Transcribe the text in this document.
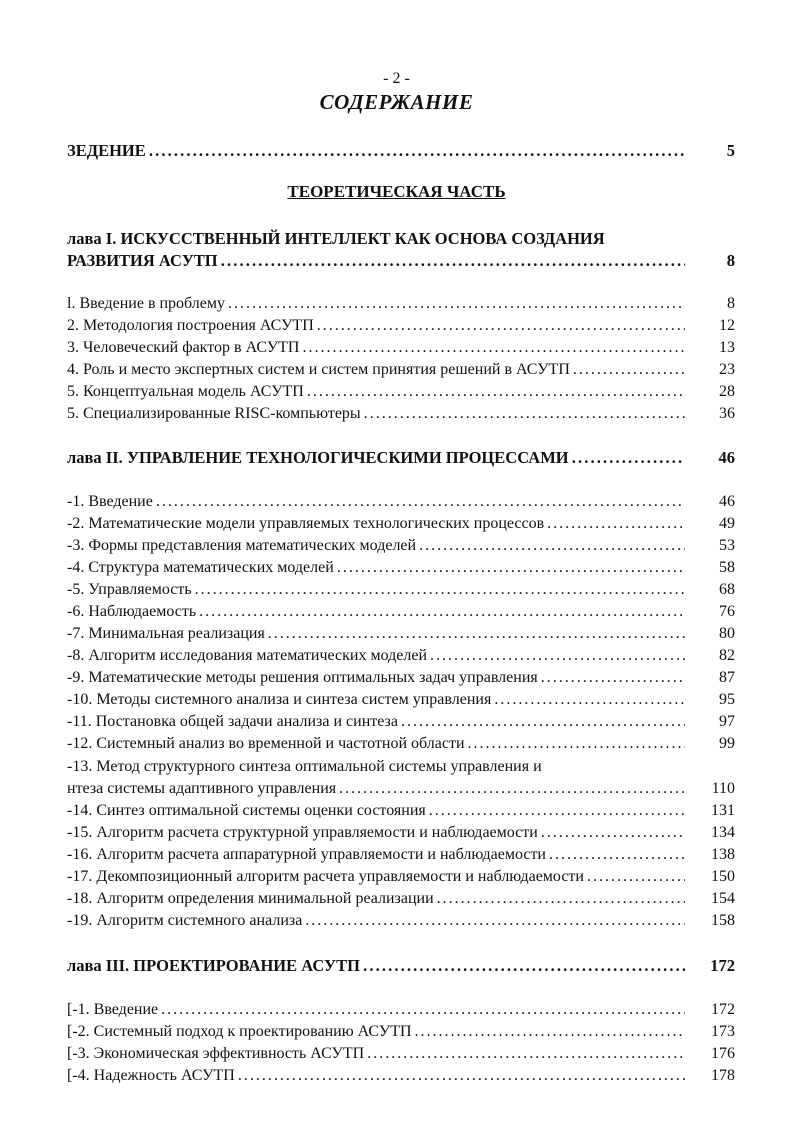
- 2 -
СОДЕРЖАНИЕ
ЗЕДЕНИЕ . . .	5
ТЕОРЕТИЧЕСКАЯ ЧАСТЬ
лава I. ИСКУССТВЕННЫЙ ИНТЕЛЛЕКТ КАК ОСНОВА СОЗДАНИЯ
РАЗВИТИЯ АСУТП . . .	8
l. Введение в проблему . . .	8
2. Методология построения АСУТП . . .	12
3. Человеческий фактор в АСУТП . . .	13
4. Роль и место экспертных систем и систем принятия решений в АСУТП . . .	23
5. Концептуальная модель АСУТП . . .	28
5. Специализированные RISC-компьютеры . . .	36
лава II. УПРАВЛЕНИЕ ТЕХНОЛОГИЧЕСКИМИ ПРОЦЕССАМИ . . .	46
-1. Введение . . .	46
-2. Математические модели управляемых технологических процессов . . .	49
-3. Формы представления математических моделей . . .	53
-4. Структура математических моделей . . .	58
-5. Управляемость . . .	68
-6. Наблюдаемость . . .	76
-7. Минимальная реализация . . .	80
-8. Алгоритм исследования математических моделей . . .	82
-9. Математические методы решения оптимальных задач управления . . .	87
-10. Методы системного анализа и синтеза систем управления . . .	95
-11. Постановка общей задачи анализа и синтеза . . .	97
-12. Системный анализ во временной и частотной области . . .	99
-13. Метод структурного синтеза оптимальной системы управления и
нтеза системы адаптивного управления . . .	110
-14. Синтез оптимальной системы оценки состояния . . .	131
-15. Алгоритм расчета структурной управляемости и наблюдаемости . . .	134
-16. Алгоритм расчета аппаратурной управляемости и наблюдаемости . . .	138
-17. Декомпозиционный алгоритм расчета управляемости и наблюдаемости . . .	150
-18. Алгоритм определения минимальной реализации . . .	154
-19. Алгоритм системного анализа . . .	158
лава III. ПРОЕКТИРОВАНИЕ АСУТП . . .	172
[-1. Введение . . .	172
[-2. Системный подход к проектированию АСУТП . . .	173
[-3. Экономическая эффективность АСУТП . . .	176
[-4. Надежность АСУТП . . .	178
